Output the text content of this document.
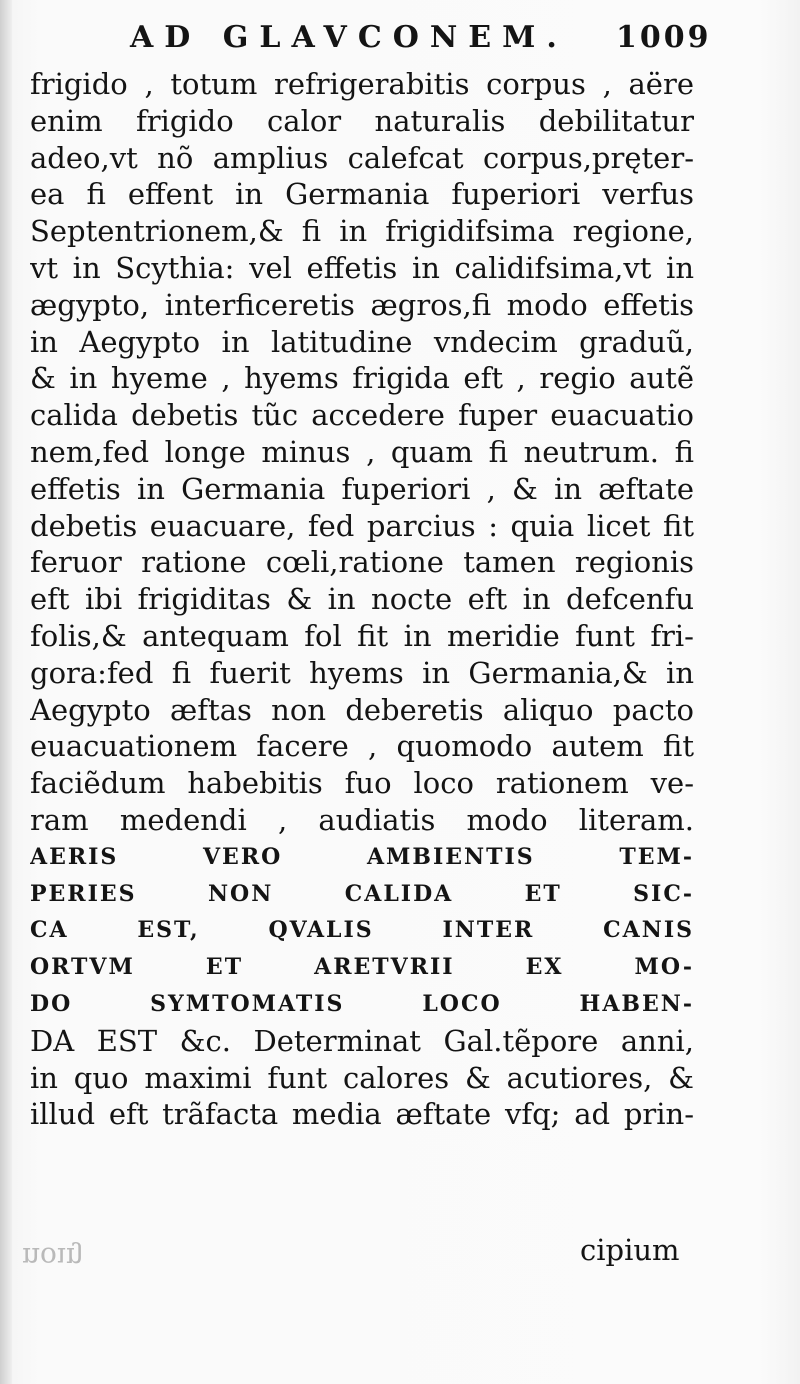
AD GLAVCONEM. 1009
frigido , totum refrigerabitis corpus , aëre
enim frigido calor naturalis debilitatur
adeo,vt nõ amplius calefcat corpus,pręter-
ea fi effent in Germania fuperiori verfus
Septentrionem,& fi in frigidifsima regione,
vt in Scythia: vel effetis in calidifsima,vt in
ægypto, interficeretis ægros,fi modo effetis
in Aegypto in latitudine vndecim graduũ,
& in hyeme , hyems frigida eft , regio autẽ
calida debetis tũc accedere fuper euacuatio
nem,fed longe minus , quam fi neutrum. fi
effetis in Germania fuperiori , & in æftate
debetis euacuare, fed parcius : quia licet fit
feruor ratione cœli,ratione tamen regionis
eft ibi frigiditas & in nocte eft in defcenfu
folis,& antequam fol fit in meridie funt fri-
gora:fed fi fuerit hyems in Germania,& in
Aegypto æftas non deberetis aliquo pacto
euacuationem facere , quomodo autem fit
faciẽdum habebitis fuo loco rationem ve-
ram medendi , audiatis modo literam.
AERIS VERO AMBIENTIS TEM-
PERIES NON CALIDA ET SIC-
CA EST, QVALIS INTER CANIS
ORTVM ET ARETVRII EX MO-
DO SYMTOMATIS LOCO HABEN-
DA EST &c. Determinat Gal.tẽpore anni,
in quo maximi funt calores & acutiores, &
illud eft trãfacta media æftate vfq; ad prin-
noıŋ	cipium
